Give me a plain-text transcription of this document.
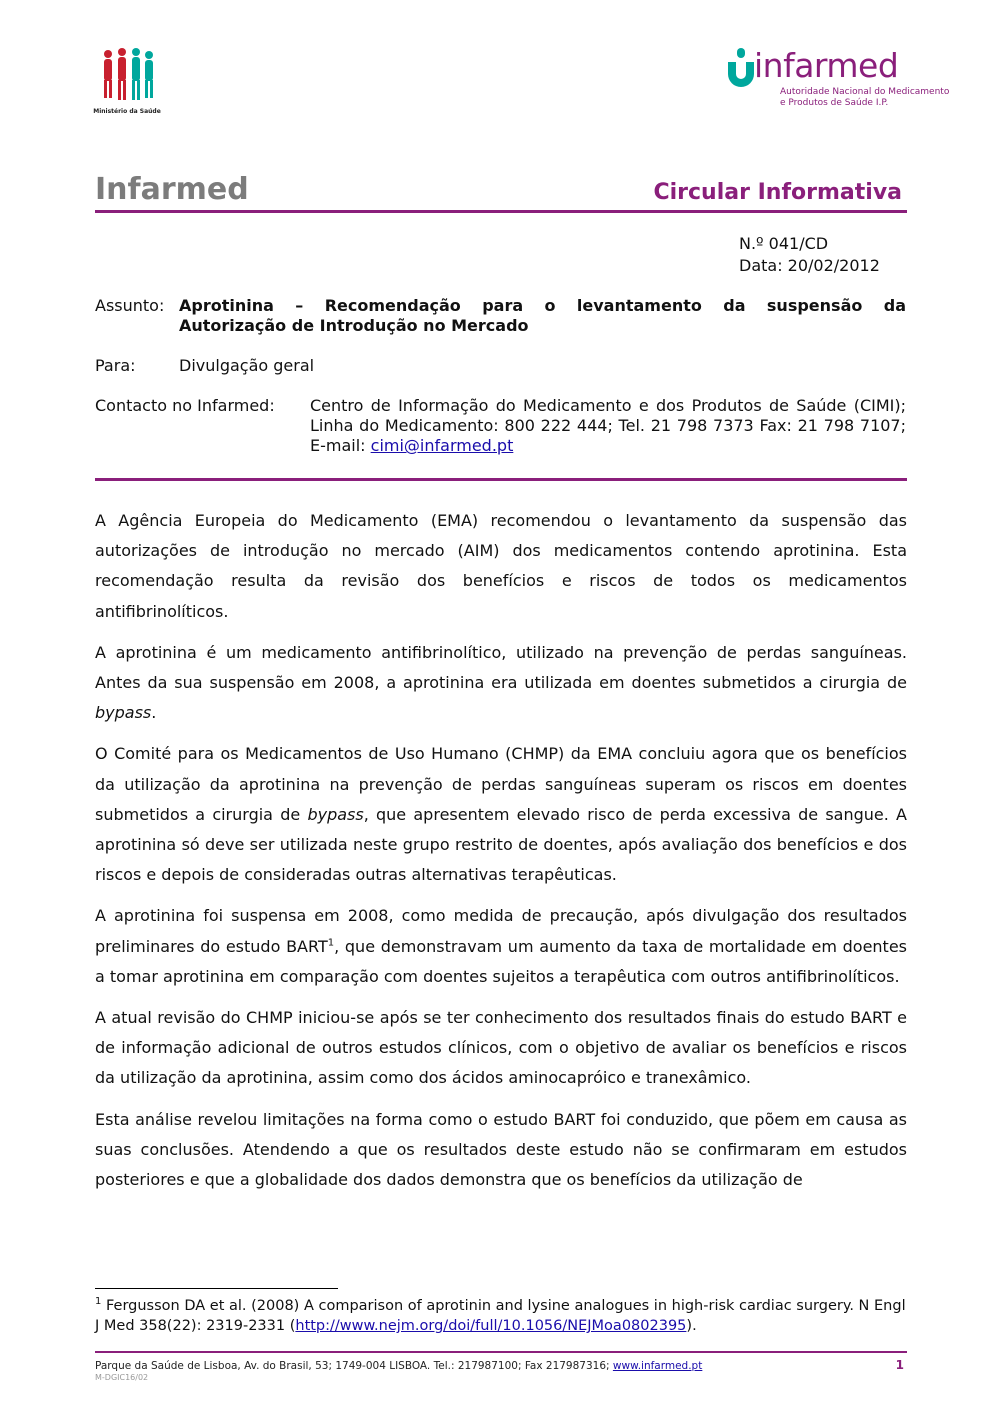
Ministério da Saúde
infarmed
Autoridade Nacional do Medicamento
e Produtos de Saúde I.P.
Infarmed	Circular Informativa
N.º 041/CD
Data: 20/02/2012
Assunto: Aprotinina – Recomendação para o levantamento da suspensão da
Autorização de Introdução no Mercado
Para:	Divulgação geral
Contacto no Infarmed: Centro de Informação do Medicamento e dos Produtos de Saúde (CIMI); Linha do Medicamento: 800 222 444; Tel. 21 798 7373 Fax: 21 798 7107; E-mail: cimi@infarmed.pt

A Agência Europeia do Medicamento (EMA) recomendou o levantamento da suspensão das autorizações de introdução no mercado (AIM) dos medicamentos contendo aprotinina. Esta recomendação resulta da revisão dos benefícios e riscos de todos os medicamentos antifibrinolíticos.

A aprotinina é um medicamento antifibrinolítico, utilizado na prevenção de perdas sanguíneas. Antes da sua suspensão em 2008, a aprotinina era utilizada em doentes submetidos a cirurgia de bypass.

O Comité para os Medicamentos de Uso Humano (CHMP) da EMA concluiu agora que os benefícios da utilização da aprotinina na prevenção de perdas sanguíneas superam os riscos em doentes submetidos a cirurgia de bypass, que apresentem elevado risco de perda excessiva de sangue. A aprotinina só deve ser utilizada neste grupo restrito de doentes, após avaliação dos benefícios e dos riscos e depois de consideradas outras alternativas terapêuticas.

A aprotinina foi suspensa em 2008, como medida de precaução, após divulgação dos resultados preliminares do estudo BART$^1$, que demonstravam um aumento da taxa de mortalidade em doentes a tomar aprotinina em comparação com doentes sujeitos a terapêutica com outros antifibrinolíticos.

A atual revisão do CHMP iniciou-se após se ter conhecimento dos resultados finais do estudo BART e de informação adicional de outros estudos clínicos, com o objetivo de avaliar os benefícios e riscos da utilização da aprotinina, assim como dos ácidos aminocapróico e tranexâmico.

Esta análise revelou limitações na forma como o estudo BART foi conduzido, que põem em causa as suas conclusões. Atendendo a que os resultados deste estudo não se confirmaram em estudos posteriores e que a globalidade dos dados demonstra que os benefícios da utilização de

$^1$ Fergusson DA et al. (2008) A comparison of aprotinin and lysine analogues in high-risk cardiac surgery. N Engl J Med 358(22): 2319-2331 (http://www.nejm.org/doi/full/10.1056/NEJMoa0802395).
Parque da Saúde de Lisboa, Av. do Brasil, 53; 1749-004 LISBOA. Tel.: 217987100; Fax 217987316; www.infarmed.pt
M-DGIC16/02
1
